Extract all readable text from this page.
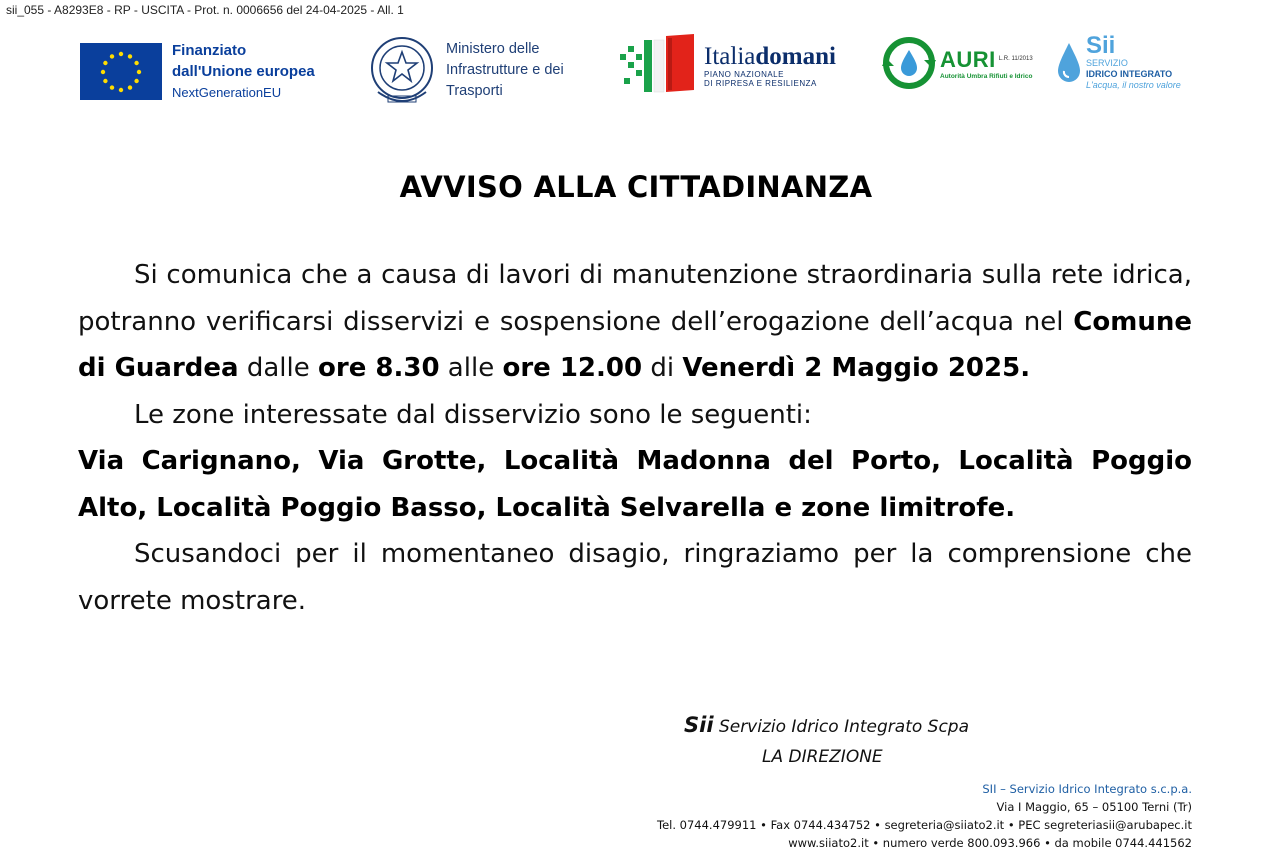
sii_055 - A8293E8 - RP - USCITA - Prot. n. 0006656 del 24-04-2025 - All. 1
Finanziato
dall'Unione europea
NextGenerationEU
Ministero delle
Infrastrutture e dei
Trasporti
Italiadomani
PIANO NAZIONALE
DI RIPRESA E RESILIENZA
AURI $^{L.R. 11/2013}$
Autorità Umbra Rifiuti e Idrico
Sii
SERVIZIO
IDRICO INTEGRATO
L'acqua, il nostro valore
AVVISO ALLA CITTADINANZA

Si comunica che a causa di lavori di manutenzione straordinaria sulla rete idrica, potranno verificarsi disservizi e sospensione dell’erogazione dell’acqua nel Comune di Guardea dalle ore 8.30 alle ore 12.00 di Venerdì 2 Maggio 2025.

Le zone interessate dal disservizio sono le seguenti:

Via Carignano, Via Grotte, Località Madonna del Porto, Località Poggio Alto, Località Poggio Basso, Località Selvarella e zone limitrofe.

Scusandoci per il momentaneo disagio, ringraziamo per la comprensione che vorrete mostrare.

Sii Servizio Idrico Integrato Scpa
LA DIREZIONE
SII – Servizio Idrico Integrato s.c.p.a.
Via I Maggio, 65 – 05100 Terni (Tr)
Tel. 0744.479911 • Fax 0744.434752 • segreteria@siiato2.it • PEC segreteriasii@arubapec.it
www.siiato2.it • numero verde 800.093.966 • da mobile 0744.441562
